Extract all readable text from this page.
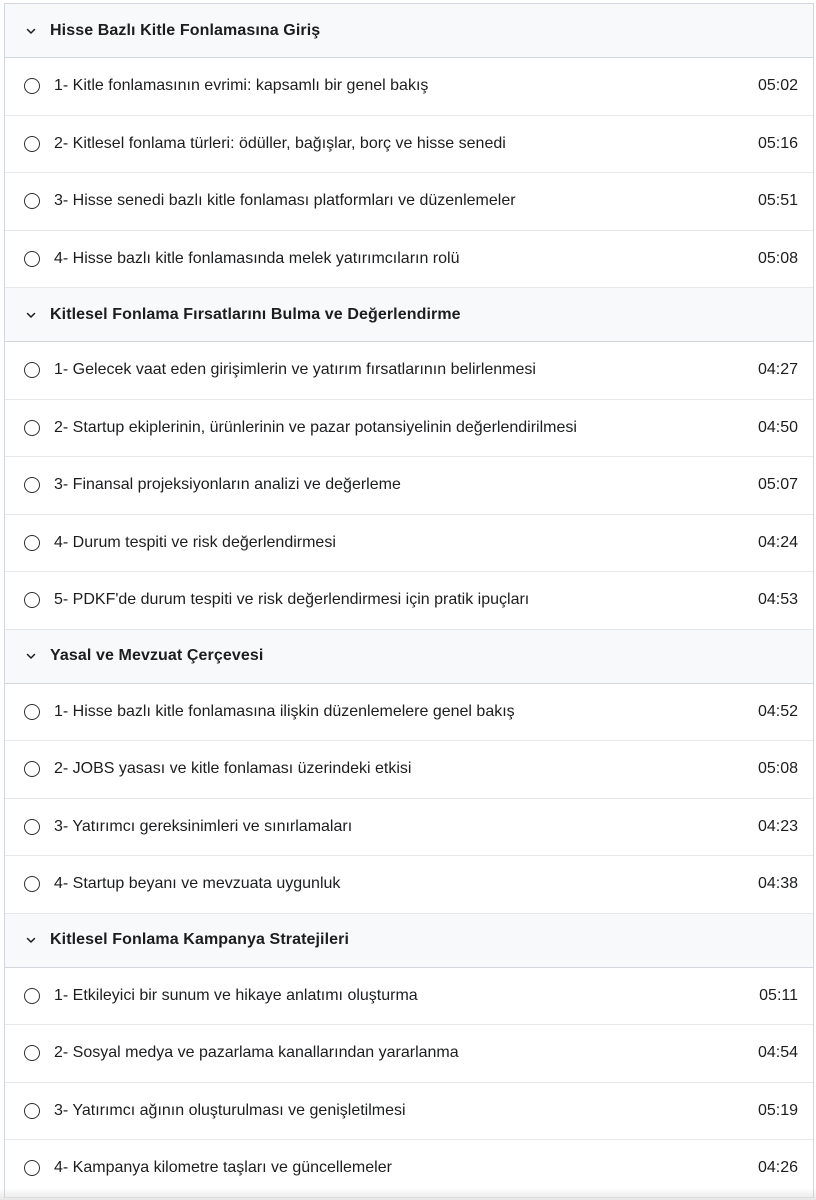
Hisse Bazlı Kitle Fonlamasına Giriş
1- Kitle fonlamasının evrimi: kapsamlı bir genel bakış	05:02
2- Kitlesel fonlama türleri: ödüller, bağışlar, borç ve hisse senedi	05:16
3- Hisse senedi bazlı kitle fonlaması platformları ve düzenlemeler	05:51
4- Hisse bazlı kitle fonlamasında melek yatırımcıların rolü	05:08
Kitlesel Fonlama Fırsatlarını Bulma ve Değerlendirme
1- Gelecek vaat eden girişimlerin ve yatırım fırsatlarının belirlenmesi	04:27
2- Startup ekiplerinin, ürünlerinin ve pazar potansiyelinin değerlendirilmesi	04:50
3- Finansal projeksiyonların analizi ve değerleme	05:07
4- Durum tespiti ve risk değerlendirmesi	04:24
5- PDKF'de durum tespiti ve risk değerlendirmesi için pratik ipuçları	04:53
Yasal ve Mevzuat Çerçevesi
1- Hisse bazlı kitle fonlamasına ilişkin düzenlemelere genel bakış	04:52
2- JOBS yasası ve kitle fonlaması üzerindeki etkisi	05:08
3- Yatırımcı gereksinimleri ve sınırlamaları	04:23
4- Startup beyanı ve mevzuata uygunluk	04:38
Kitlesel Fonlama Kampanya Stratejileri
1- Etkileyici bir sunum ve hikaye anlatımı oluşturma	05:11
2- Sosyal medya ve pazarlama kanallarından yararlanma	04:54
3- Yatırımcı ağının oluşturulması ve genişletilmesi	05:19
4- Kampanya kilometre taşları ve güncellemeler	04:26
